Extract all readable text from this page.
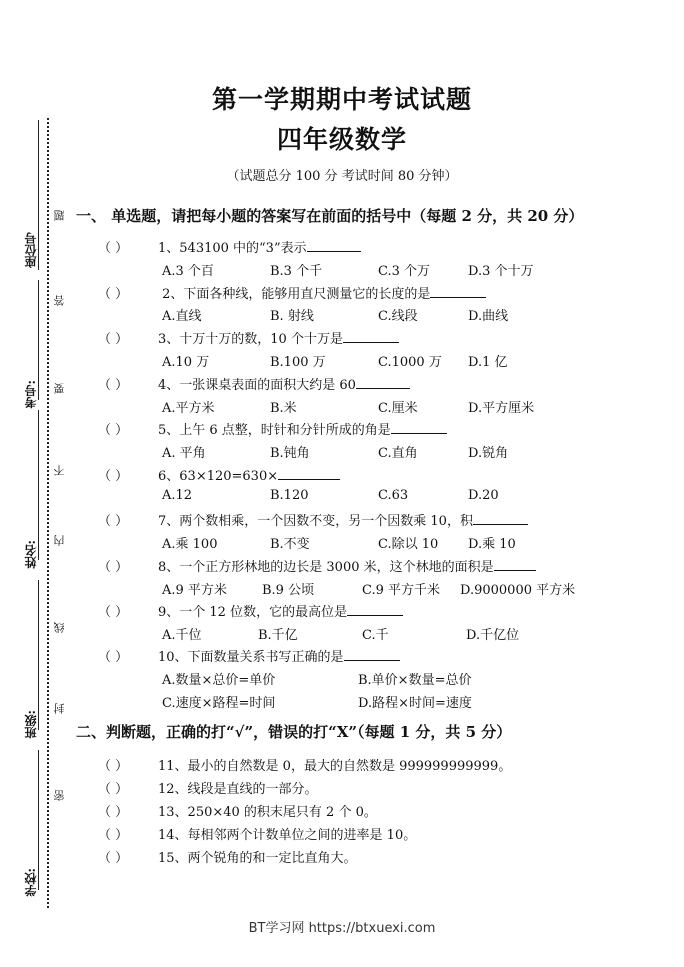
座位号
考号:
姓名:
班级:
学校:
题
答
要
不
内
线
封
密
第一学期期中考试试题
四年级数学
（试题总分 100 分 考试时间 80 分钟）
一、 单选题，请把每小题的答案写在前面的括号中（每题 2 分，共 20 分）
（ ） 1、543100 中的“3”表示
A.3 个百	B.3 个千	C.3 个万	D.3 个十万
（ ） 2、下面各种线，能够用直尺测量它的长度的是
A.直线	B. 射线	C.线段	D.曲线
（ ） 3、十万十万的数，10 个十万是
A.10 万	B.100 万	C.1000 万 D.1 亿
（ ） 4、一张课桌表面的面积大约是 60
A.平方米	B.米	C.厘米	D.平方厘米
（ ） 5、上午 6 点整，时针和分针所成的角是
A. 平角	B.钝角	C.直角	D.锐角
（ ） 6、63×120=630×
A.12	B.120	C.63	D.20
（ ） 7、两个数相乘，一个因数不变，另一个因数乘 10，积
A.乘 100	B.不变	C.除以 10 D.乘 10
（ ） 8、一个正方形林地的边长是 3000 米，这个林地的面积是
A.9 平方米	B.9 公顷	C.9 平方千米 D.9000000 平方米
（ ） 9、一个 12 位数，它的最高位是
A.千位	B.千亿	C.千	D.千亿位
（ ） 10、下面数量关系书写正确的是
A.数量×总价=单价	B.单价×数量=总价
C.速度×路程=时间	D.路程×时间=速度
二、判断题，正确的打“√”，错误的打“X”（每题 1 分，共 5 分）
（ ） 11、最小的自然数是 0，最大的自然数是 999999999999。
（ ） 12、线段是直线的一部分。
（ ） 13、250×40 的积末尾只有 2 个 0。
（ ） 14、每相邻两个计数单位之间的进率是 10。
（ ） 15、两个锐角的和一定比直角大。
BT学习网 https://btxuexi.com
